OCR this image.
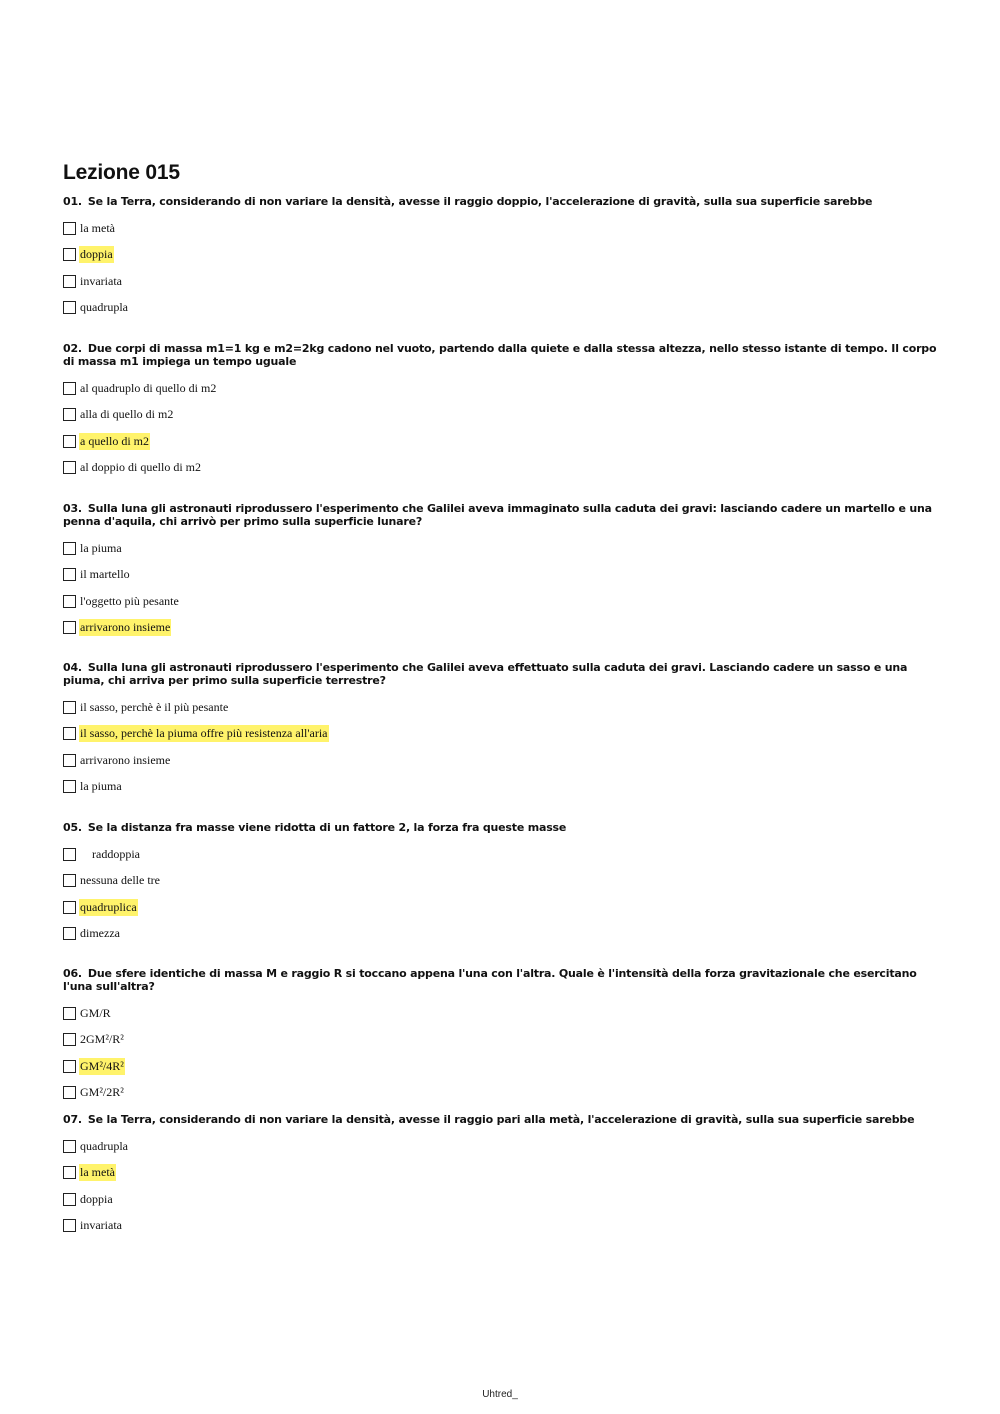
Lezione 015

01. Se la Terra, considerando di non variare la densità, avesse il raggio doppio, l'accelerazione di gravità, sulla sua superficie sarebbe

la metà
doppia
invariata
quadrupla

02. Due corpi di massa m1=1 kg e m2=2kg cadono nel vuoto, partendo dalla quiete e dalla stessa altezza, nello stesso istante di tempo. Il corpo di massa m1 impiega un tempo uguale

al quadruplo di quello di m2
alla di quello di m2
a quello di m2
al doppio di quello di m2

03. Sulla luna gli astronauti riprodussero l'esperimento che Galilei aveva immaginato sulla caduta dei gravi: lasciando cadere un martello e una penna d'aquila, chi arrivò per primo sulla superficie lunare?

la piuma
il martello
l'oggetto più pesante
arrivarono insieme

04. Sulla luna gli astronauti riprodussero l'esperimento che Galilei aveva effettuato sulla caduta dei gravi. Lasciando cadere un sasso e una piuma, chi arriva per primo sulla superficie terrestre?

il sasso, perchè è il più pesante
il sasso, perchè la piuma offre più resistenza all'aria
arrivarono insieme
la piuma

05. Se la distanza fra masse viene ridotta di un fattore 2, la forza fra queste masse

raddoppia
nessuna delle tre
quadruplica
dimezza

06. Due sfere identiche di massa M e raggio R si toccano appena l'una con l'altra. Quale è l'intensità della forza gravitazionale che esercitano l'una sull'altra?

GM/R
2GM²/R²
GM²/4R²
GM²/2R²

07. Se la Terra, considerando di non variare la densità, avesse il raggio pari alla metà, l'accelerazione di gravità, sulla sua superficie sarebbe

quadrupla
la metà
doppia
invariata
Uhtred_
